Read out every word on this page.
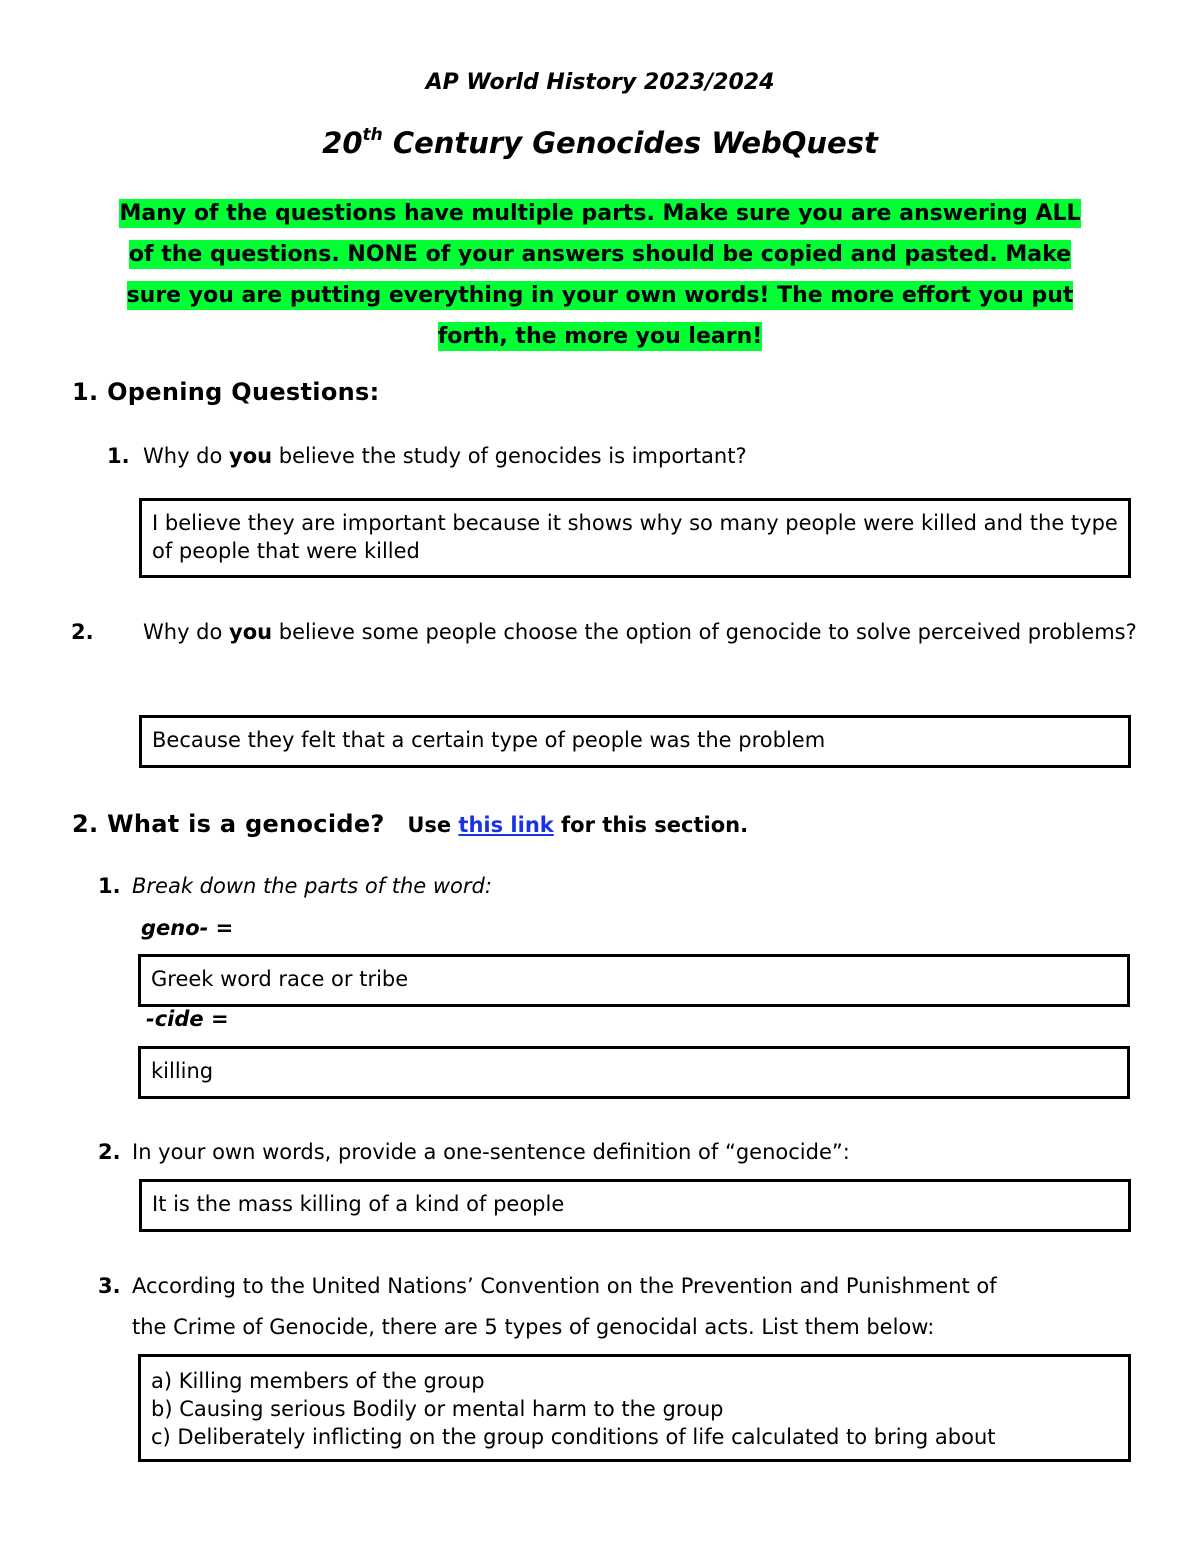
AP World History 2023/2024
20th Century Genocides WebQuest
Many of the questions have multiple parts. Make sure you are answering ALL
of the questions. NONE of your answers should be copied and pasted. Make
sure you are putting everything in your own words! The more effort you put
forth, the more you learn!
1. Opening Questions:
1. Why do you believe the study of genocides is important?
I believe they are important because it shows why so many people were killed and the type of people that were killed
2. Why do you believe some people choose the option of genocide to solve perceived problems?
Because they felt that a certain type of people was the problem
2. What is a genocide? Use this link for this section.
1. Break down the parts of the word:
geno- =
Greek word race or tribe
-cide =
killing
2. In your own words, provide a one-sentence definition of “genocide”:
It is the mass killing of a kind of people
3. According to the United Nations’ Convention on the Prevention and Punishment of
the Crime of Genocide, there are 5 types of genocidal acts. List them below:
a) Killing members of the group
b) Causing serious Bodily or mental harm to the group
c) Deliberately inflicting on the group conditions of life calculated to bring about
